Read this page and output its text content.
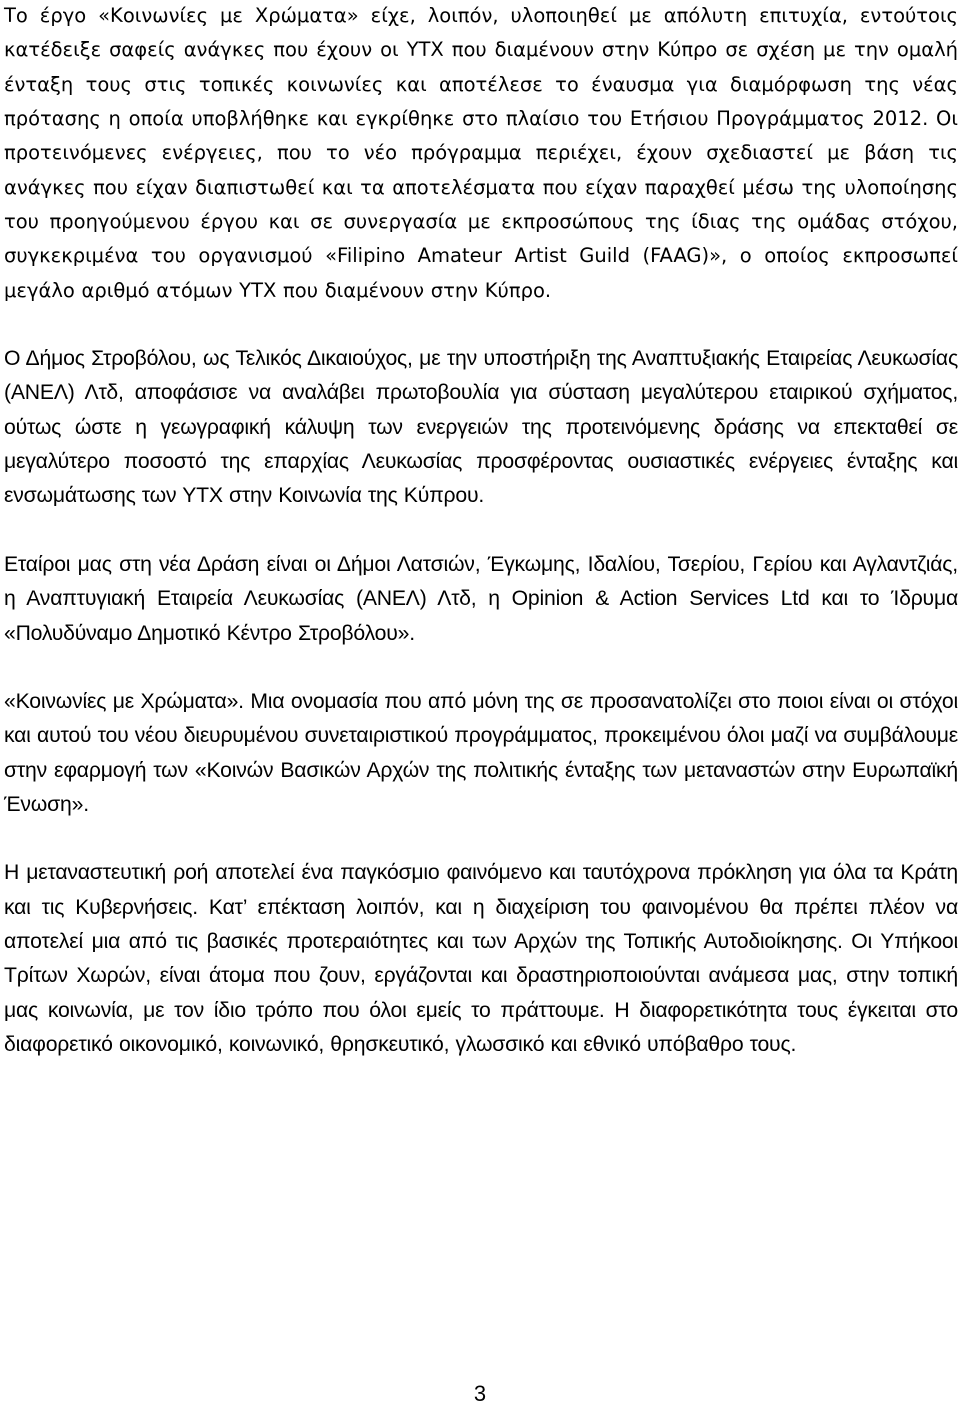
Το έργο «Κοινωνίες με Χρώματα» είχε, λοιπόν, υλοποιηθεί με απόλυτη επιτυχία, εντούτοις κατέδειξε σαφείς ανάγκες που έχουν οι ΥΤΧ που διαμένουν στην Κύπρο σε σχέση με την ομαλή ένταξη τους στις τοπικές κοινωνίες και αποτέλεσε το έναυσμα για διαμόρφωση της νέας πρότασης η οποία υποβλήθηκε και εγκρίθηκε στο πλαίσιο του Ετήσιου Προγράμματος 2012. Οι προτεινόμενες ενέργειες, που το νέο πρόγραμμα περιέχει, έχουν σχεδιαστεί με βάση τις ανάγκες που είχαν διαπιστωθεί και τα αποτελέσματα που είχαν παραχθεί μέσω της υλοποίησης του προηγούμενου έργου και σε συνεργασία με εκπροσώπους της ίδιας της ομάδας στόχου, συγκεκριμένα του οργανισμού «Filipino Amateur Artist Guild (FAAG)», ο οποίος εκπροσωπεί μεγάλο αριθμό ατόμων ΥΤΧ που διαμένουν στην Κύπρο.

Ο Δήμος Στροβόλου, ως Τελικός Δικαιούχος, με την υποστήριξη της Αναπτυξιακής Εταιρείας Λευκωσίας (ΑΝΕΛ) Λτδ, αποφάσισε να αναλάβει πρωτοβουλία για σύσταση μεγαλύτερου εταιρικού σχήματος, ούτως ώστε η γεωγραφική κάλυψη των ενεργειών της προτεινόμενης δράσης να επεκταθεί σε μεγαλύτερο ποσοστό της επαρχίας Λευκωσίας προσφέροντας ουσιαστικές ενέργειες ένταξης και ενσωμάτωσης των ΥΤΧ στην Κοινωνία της Κύπρου.

Εταίροι μας στη νέα Δράση είναι οι Δήμοι Λατσιών, Έγκωμης, Ιδαλίου, Τσερίου, Γερίου και Αγλαντζιάς, η Αναπτυγιακή Εταιρεία Λευκωσίας (ΑΝΕΛ) Λτδ, η Opinion & Action Services Ltd και το Ίδρυμα «Πολυδύναμο Δημοτικό Κέντρο Στροβόλου».

«Κοινωνίες με Χρώματα». Μια ονομασία που από μόνη της σε προσανατολίζει στο ποιοι είναι οι στόχοι και αυτού του νέου διευρυμένου συνεταιριστικού προγράμματος, προκειμένου όλοι μαζί να συμβάλουμε στην εφαρμογή των «Κοινών Βασικών Αρχών της πολιτικής ένταξης των μεταναστών στην Ευρωπαϊκή Ένωση».

Η μεταναστευτική ροή αποτελεί ένα παγκόσμιο φαινόμενο και ταυτόχρονα πρόκληση για όλα τα Κράτη και τις Κυβερνήσεις. Κατ’ επέκταση λοιπόν, και η διαχείριση του φαινομένου θα πρέπει πλέον να αποτελεί μια από τις βασικές προτεραιότητες και των Αρχών της Τοπικής Αυτοδιοίκησης. Οι Υπήκοοι Τρίτων Χωρών, είναι άτομα που ζουν, εργάζονται και δραστηριοποιούνται ανάμεσα μας, στην τοπική μας κοινωνία, με τον ίδιο τρόπο που όλοι εμείς το πράττουμε. Η διαφορετικότητα τους έγκειται στο διαφορετικό οικονομικό, κοινωνικό, θρησκευτικό, γλωσσικό και εθνικό υπόβαθρο τους.

3
